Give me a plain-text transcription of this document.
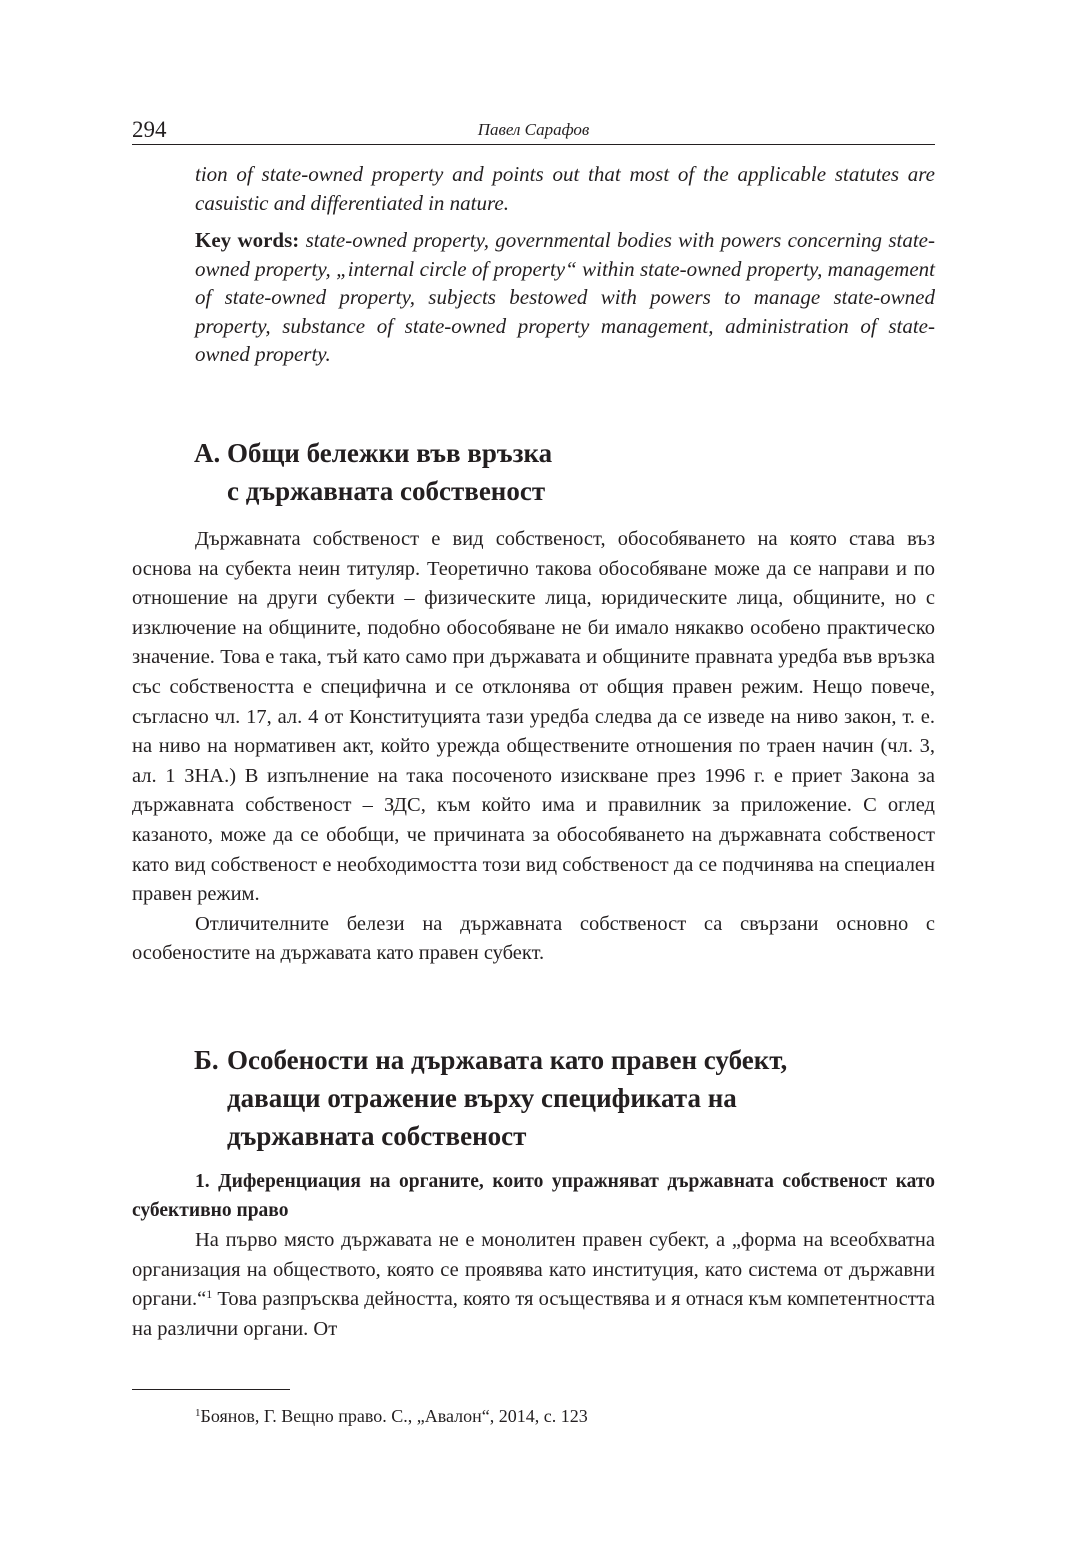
294	Павел Сарафов

tion of state-owned property and points out that most of the applicable statutes are casuistic and differentiated in nature.

Key words: state-owned property, governmental bodies with powers concerning state-owned property, „internal circle of property“ within state-owned property, management of state-owned property, subjects bestowed with powers to manage state-owned property, substance of state-owned property management, administration of state-owned property.

А. Общи бележки във връзка
с държавната собственост

Държавната собственост е вид собственост, обособяването на която става въз основа на субекта неин титуляр. Теоретично такова обособяване може да се направи и по отношение на други субекти – физическите лица, юридическите лица, общините, но с изключение на общините, подобно обособяване не би имало някакво особено практическо значение. Това е така, тъй като само при държавата и общините правната уредба във връзка със собствеността е специфична и се отклонява от общия правен режим. Нещо повече, съгласно чл. 17, ал. 4 от Конституцията тази уредба следва да се изведе на ниво закон, т. е. на ниво на нормативен акт, който урежда обществените отношения по траен начин (чл. 3, ал. 1 ЗНА.) В изпълнение на така посоченото изискване през 1996 г. е приет Закона за държавната собственост – ЗДС, към който има и правилник за приложение. С оглед казаното, може да се обобщи, че причината за обособяването на държавната собственост като вид собственост е необходимостта този вид собственост да се подчинява на специален правен режим.

Отличителните белези на държавната собственост са свързани основно с особеностите на държавата като правен субект.

Б. Особености на държавата като правен субект,
даващи отражение върху спецификата на
държавната собственост
1. Диференциация на органите, които упражняват държавната собственост като субективно право

На първо място държавата не е монолитен правен субект, а „форма на всеобхватна организация на обществото, която се проявява като институция, като система от държавни органи.“$^1$ Това разпръсква дейността, която тя осъществява и я отнася към компетентността на различни органи. От

$^1$Боянов, Г. Вещно право. С., „Авалон“, 2014, с. 123
